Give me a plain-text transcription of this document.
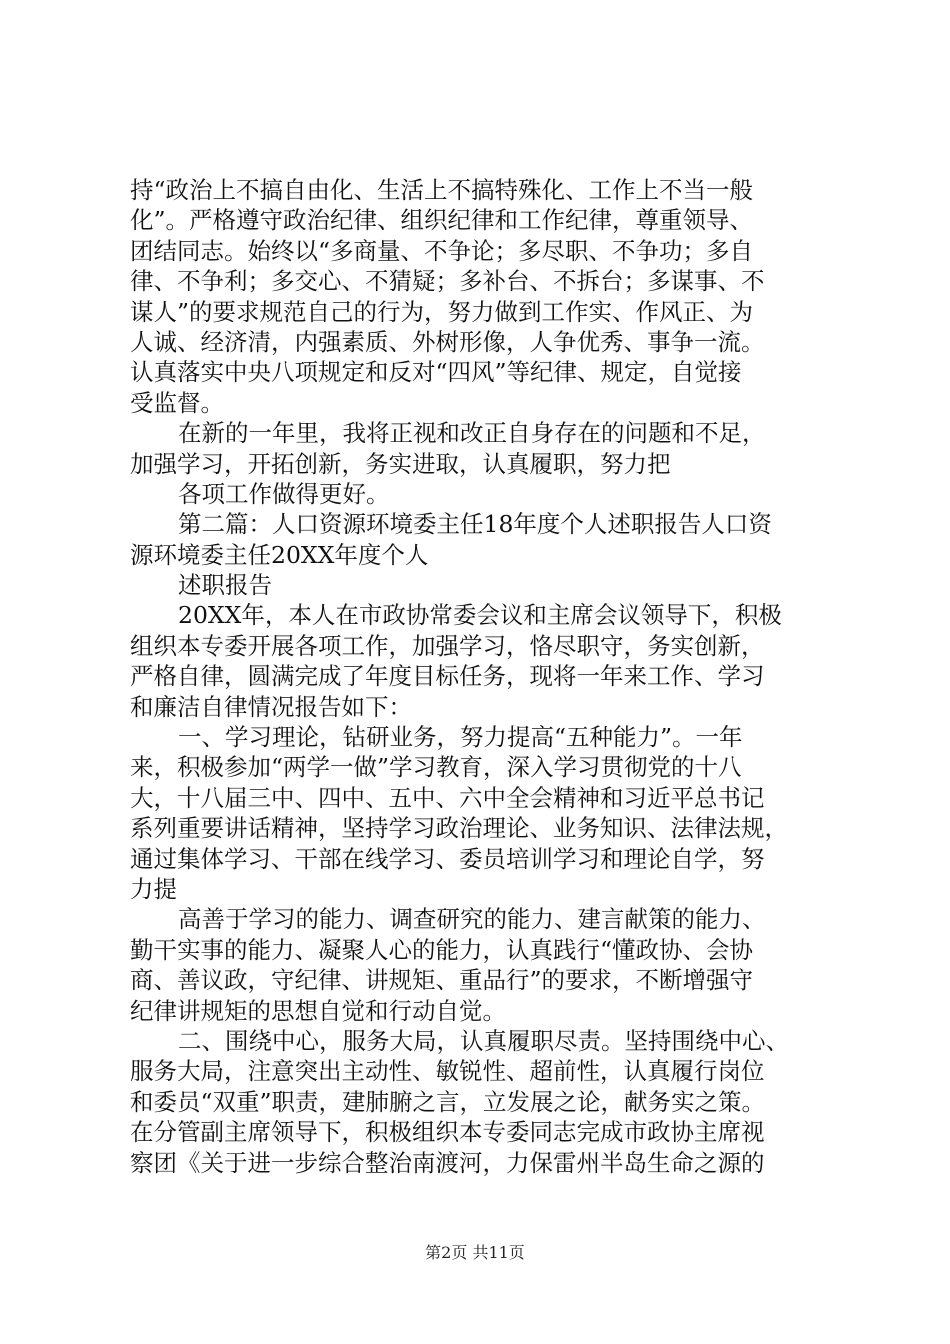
持“政治上不搞自由化、生活上不搞特殊化、工作上不当一般
化”。严格遵守政治纪律、组织纪律和工作纪律，尊重领导、
团结同志。始终以“多商量、不争论；多尽职、不争功；多自
律、不争利；多交心、不猜疑；多补台、不拆台；多谋事、不
谋人”的要求规范自己的行为，努力做到工作实、作风正、为
人诚、经济清，内强素质、外树形像，人争优秀、事争一流。
认真落实中央八项规定和反对“四风”等纪律、规定，自觉接
受监督。
在新的一年里，我将正视和改正自身存在的问题和不足，
加强学习，开拓创新，务实进取，认真履职，努力把
各项工作做得更好。
第二篇：人口资源环境委主任18年度个人述职报告人口资
源环境委主任20XX年度个人
述职报告
20XX年，本人在市政协常委会议和主席会议领导下，积极
组织本专委开展各项工作，加强学习，恪尽职守，务实创新，
严格自律，圆满完成了年度目标任务，现将一年来工作、学习
和廉洁自律情况报告如下：
一、学习理论，钻研业务，努力提高“五种能力”。一年
来，积极参加“两学一做”学习教育，深入学习贯彻党的十八
大，十八届三中、四中、五中、六中全会精神和习近平总书记
系列重要讲话精神，坚持学习政治理论、业务知识、法律法规，
通过集体学习、干部在线学习、委员培训学习和理论自学，努
力提
高善于学习的能力、调查研究的能力、建言献策的能力、
勤干实事的能力、凝聚人心的能力，认真践行“懂政协、会协
商、善议政，守纪律、讲规矩、重品行”的要求，不断增强守
纪律讲规矩的思想自觉和行动自觉。
二、围绕中心，服务大局，认真履职尽责。坚持围绕中心、
服务大局，注意突出主动性、敏锐性、超前性，认真履行岗位
和委员“双重”职责，建肺腑之言，立发展之论，献务实之策。
在分管副主席领导下，积极组织本专委同志完成市政协主席视
察团《关于进一步综合整治南渡河，力保雷州半岛生命之源的
第2页 共11页
